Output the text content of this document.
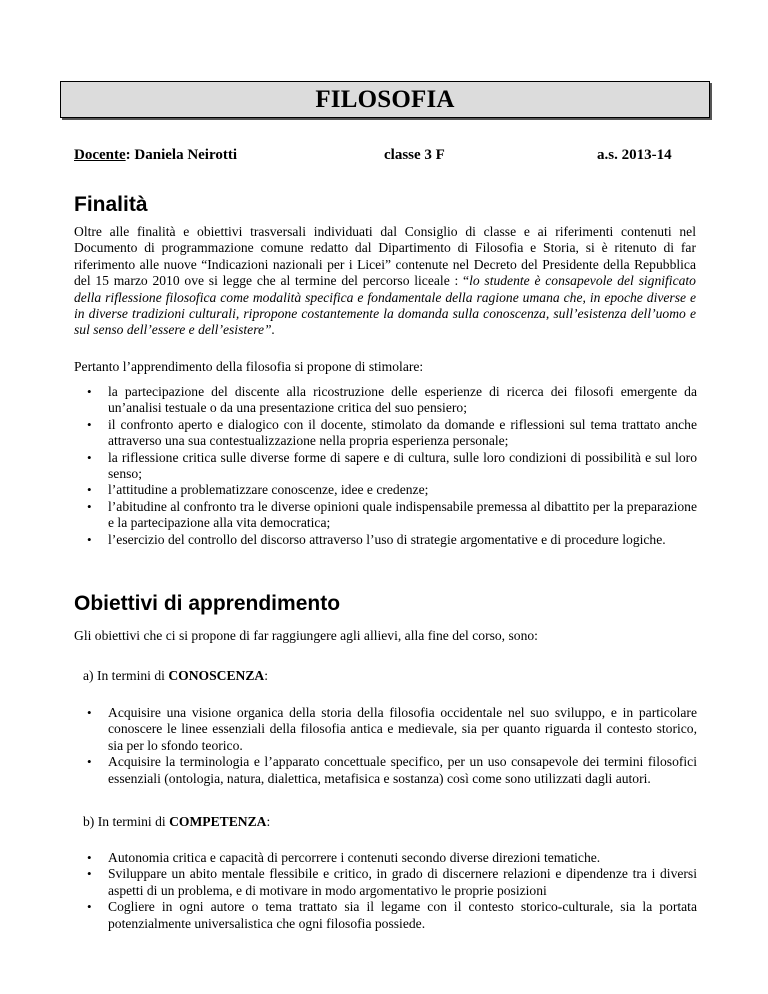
FILOSOFIA
Docente: Daniela Neirotti	classe 3 F	a.s. 2013-14
Finalità

Oltre alle finalità e obiettivi trasversali individuati dal Consiglio di classe e ai riferimenti contenuti nel Documento di programmazione comune redatto dal Dipartimento di Filosofia e Storia, si è ritenuto di far riferimento alle nuove “Indicazioni nazionali per i Licei” contenute nel Decreto del Presidente della Repubblica del 15 marzo 2010 ove si legge che al termine del percorso liceale : “lo studente è consapevole del significato della riflessione filosofica come modalità specifica e fondamentale della ragione umana che, in epoche diverse e in diverse tradizioni culturali, ripropone costantemente la domanda sulla conoscenza, sull’esistenza dell’uomo e sul senso dell’essere e dell’esistere”.

Pertanto l’apprendimento della filosofia si propone di stimolare:

• la partecipazione del discente alla ricostruzione delle esperienze di ricerca dei filosofi emergente da un’analisi testuale o da una presentazione critica del suo pensiero;
• il confronto aperto e dialogico con il docente, stimolato da domande e riflessioni sul tema trattato anche attraverso una sua contestualizzazione nella propria esperienza personale;
• la riflessione critica sulle diverse forme di sapere e di cultura, sulle loro condizioni di possibilità e sul loro senso;
• l’attitudine a problematizzare conoscenze, idee e credenze;
• l’abitudine al confronto tra le diverse opinioni quale indispensabile premessa al dibattito per la preparazione e la partecipazione alla vita democratica;
• l’esercizio del controllo del discorso attraverso l’uso di strategie argomentative e di procedure logiche.
Obiettivi di apprendimento

Gli obiettivi che ci si propone di far raggiungere agli allievi, alla fine del corso, sono:

a) In termini di CONOSCENZA:
• Acquisire una visione organica della storia della filosofia occidentale nel suo sviluppo, e in particolare conoscere le linee essenziali della filosofia antica e medievale, sia per quanto riguarda il contesto storico, sia per lo sfondo teorico.
• Acquisire la terminologia e l’apparato concettuale specifico, per un uso consapevole dei termini filosofici essenziali (ontologia, natura, dialettica, metafisica e sostanza) così come sono utilizzati dagli autori.
b) In termini di COMPETENZA:
• Autonomia critica e capacità di percorrere i contenuti secondo diverse direzioni tematiche.
• Sviluppare un abito mentale flessibile e critico, in grado di discernere relazioni e dipendenze tra i diversi aspetti di un problema, e di motivare in modo argomentativo le proprie posizioni
• Cogliere in ogni autore o tema trattato sia il legame con il contesto storico-culturale, sia la portata potenzialmente universalistica che ogni filosofia possiede.
